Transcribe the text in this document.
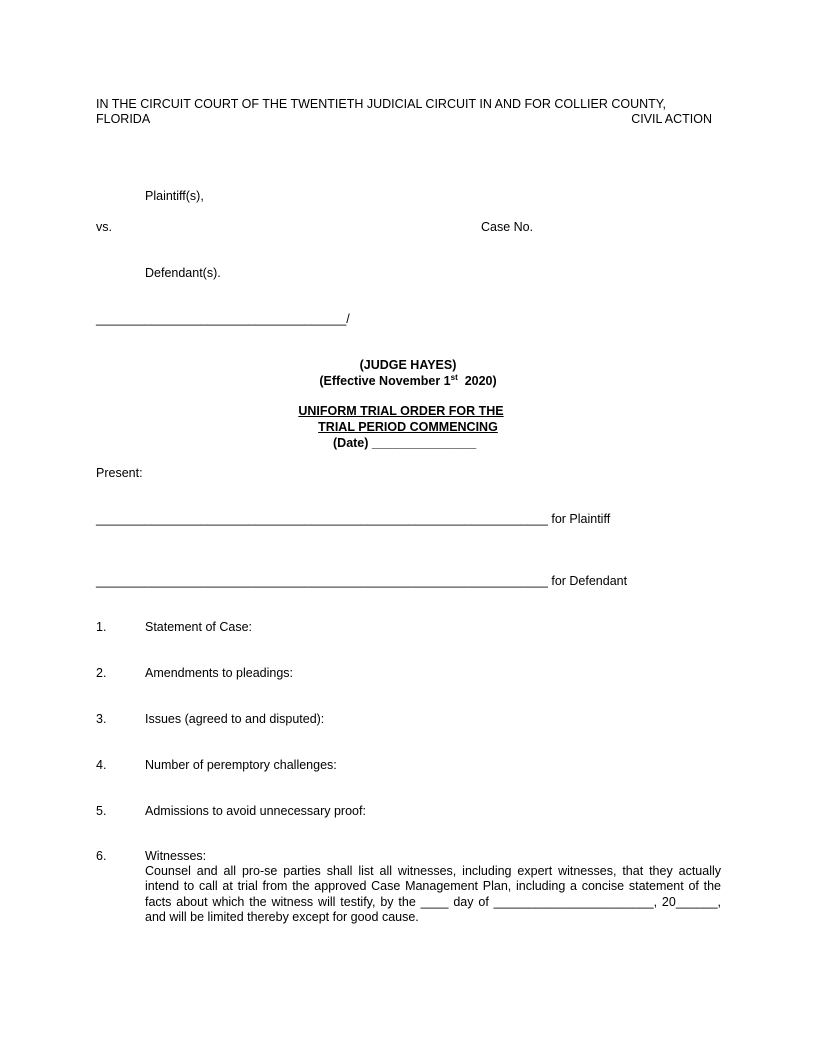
IN THE CIRCUIT COURT OF THE TWENTIETH JUDICIAL CIRCUIT IN AND FOR COLLIER COUNTY,
FLORIDA	CIVIL ACTION
Plaintiff(s),
vs.	Case No.
Defendant(s).
____________________________________/
(JUDGE HAYES)
(Effective November 1st  2020)
UNIFORM TRIAL ORDER FOR THE
TRIAL PERIOD COMMENCING
(Date) _______________
Present:
_________________________________________________________________ for Plaintiff
_________________________________________________________________ for Defendant
1.	Statement of Case:
2.	Amendments to pleadings:
3.	Issues (agreed to and disputed):
4.	Number of peremptory challenges:
5.	Admissions to avoid unnecessary proof:
6.	Witnesses:
Counsel and all pro-se parties shall list all witnesses, including expert witnesses, that they actually intend to call at trial from the approved Case Management Plan, including a concise statement of the facts about which the witness will testify, by the ____ day of _______________________, 20______, and will be limited thereby except for good cause.
